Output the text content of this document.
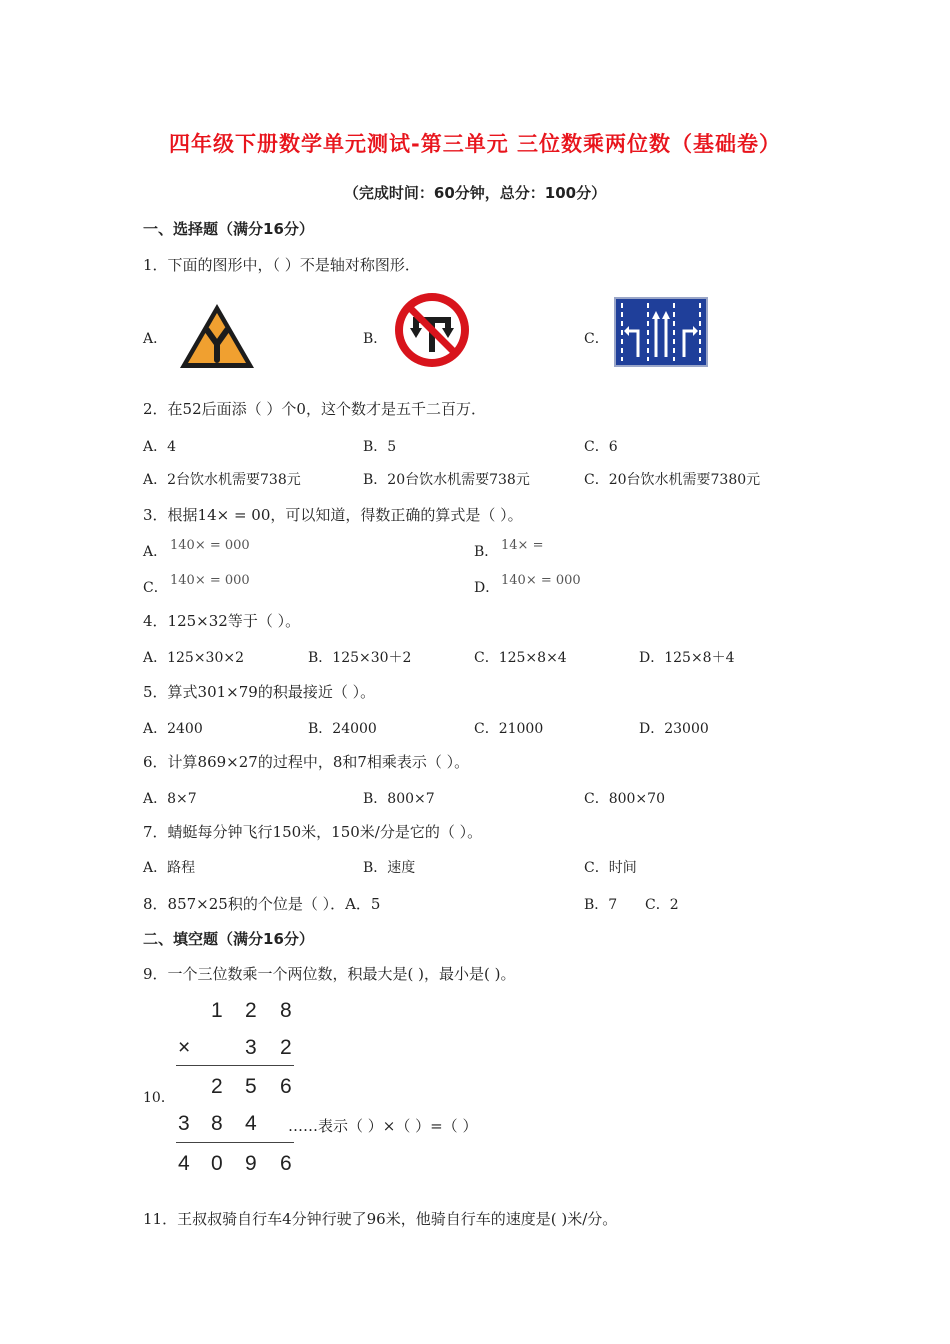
四年级下册数学单元测试-第三单元 三位数乘两位数（基础卷）
（完成时间：60分钟，总分：100分）
一、选择题（满分16分）
1．下面的图形中，（ ）不是轴对称图形．
A．	B．	C．
2．在52后面添（ ）个0，这个数才是五千二百万．
A．4	B．5	C．6
A．2台饮水机需要738元	B．20台饮水机需要738元	C．20台饮水机需要7380元
3．根据14× = 00，可以知道，得数正确的算式是（ ）。
A． 140× = 000	B． 14× =
C． 140× = 000	D． 140× = 000
4．125×32等于（ ）。
A．125×30×2	B．125×30＋2	C．125×8×4	D．125×8＋4
5．算式301×79的积最接近（ ）。
A．2400	B．24000	C．21000	D．23000
6．计算869×27的过程中，8和7相乘表示（ ）。
A．8×7	B．800×7	C．800×70
7．蜻蜓每分钟飞行150米，150米/分是它的（ ）。
A．路程	B．速度	C．时间
8．857×25积的个位是（ ）．A．5	B．7 C．2
二、填空题（满分16分）
9．一个三位数乘一个两位数，积最大是( )，最小是( )。
10．
1 2 8
×	3 2
2 5 6
3 8 4 ……表示（ ）×（ ）=（ ）
4 0 9 6
11．王叔叔骑自行车4分钟行驶了96米，他骑自行车的速度是( )米/分。
